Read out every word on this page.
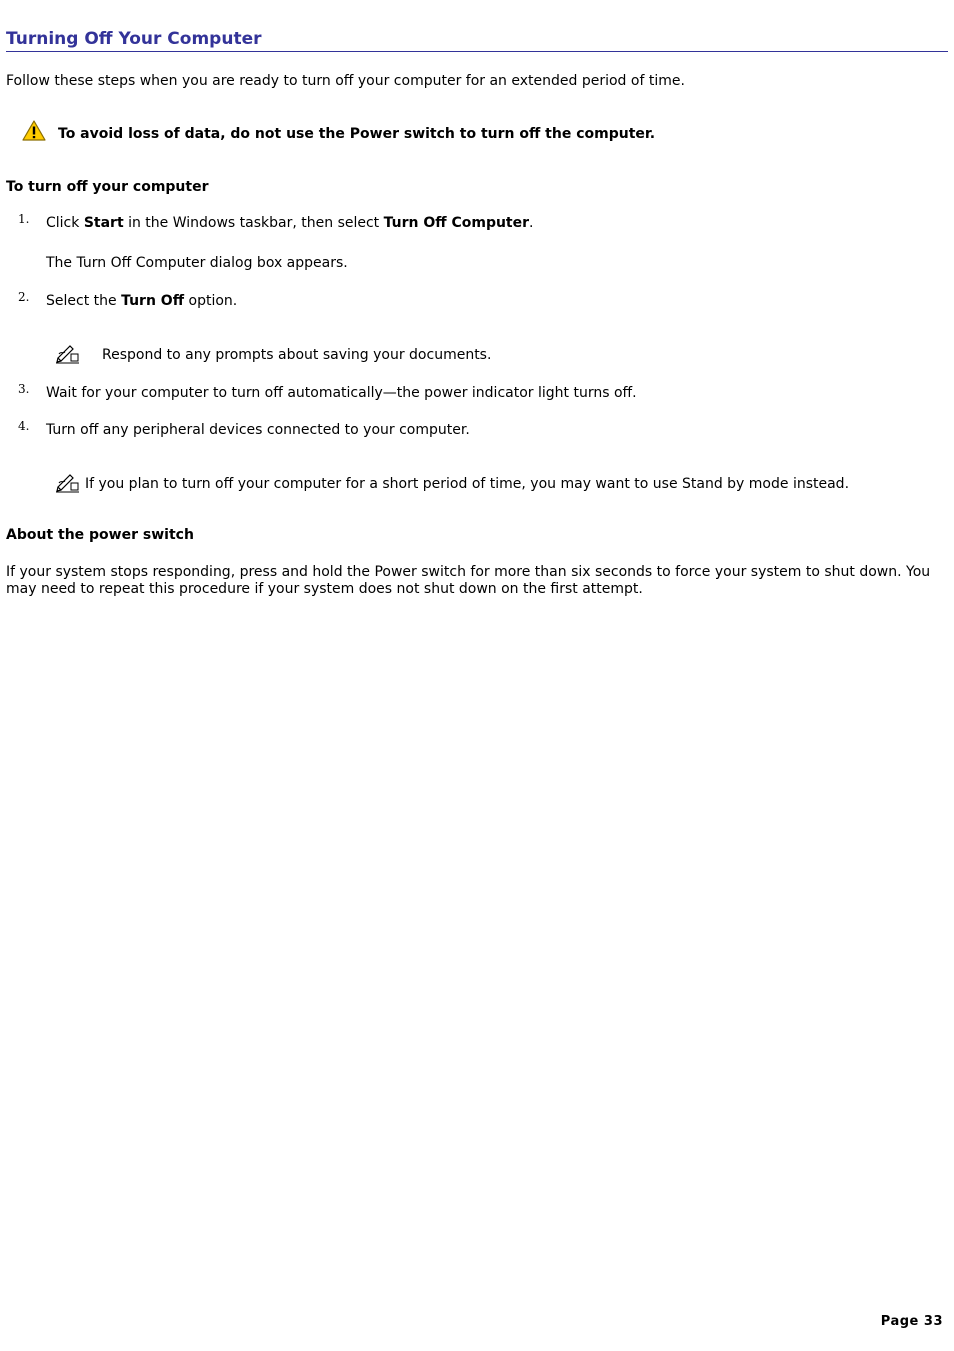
Turning Off Your Computer

Follow these steps when you are ready to turn off your computer for an extended period of time.

To avoid loss of data, do not use the Power switch to turn off the computer.
To turn off your computer
1. Click Start in the Windows taskbar, then select Turn Off Computer.
The Turn Off Computer dialog box appears.
2. Select the Turn Off option.
Respond to any prompts about saving your documents.
3. Wait for your computer to turn off automatically—the power indicator light turns off.
4. Turn off any peripheral devices connected to your computer.
If you plan to turn off your computer for a short period of time, you may want to use Stand by mode instead.
About the power switch

If your system stops responding, press and hold the Power switch for more than six seconds to force your system to shut down. You may need to repeat this procedure if your system does not shut down on the first attempt.

Page 33
